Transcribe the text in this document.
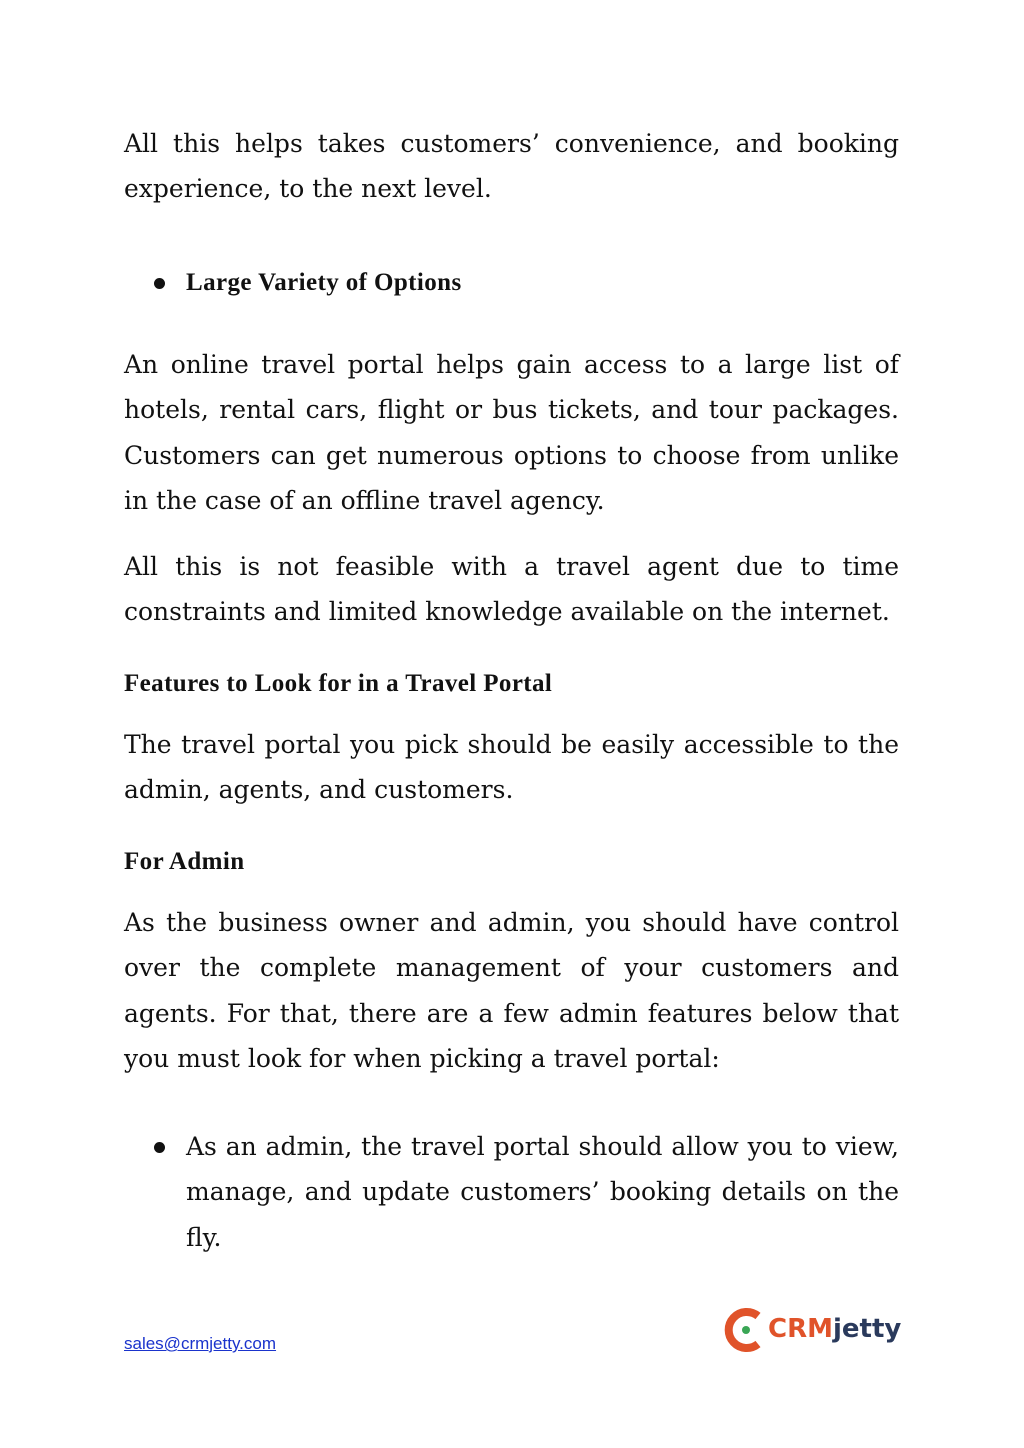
All this helps takes customers’ convenience, and booking experience, to the next level.

Large Variety of Options

An online travel portal helps gain access to a large list of hotels, rental cars, flight or bus tickets, and tour packages. Customers can get numerous options to choose from unlike in the case of an offline travel agency.

All this is not feasible with a travel agent due to time constraints and limited knowledge available on the internet.

Features to Look for in a Travel Portal

The travel portal you pick should be easily accessible to the admin, agents, and customers.

For Admin

As the business owner and admin, you should have control over the complete management of your customers and agents. For that, there are a few admin features below that you must look for when picking a travel portal:

As an admin, the travel portal should allow you to view, manage, and update customers’ booking details on the fly.

sales@crmjetty.com	CRMjetty
